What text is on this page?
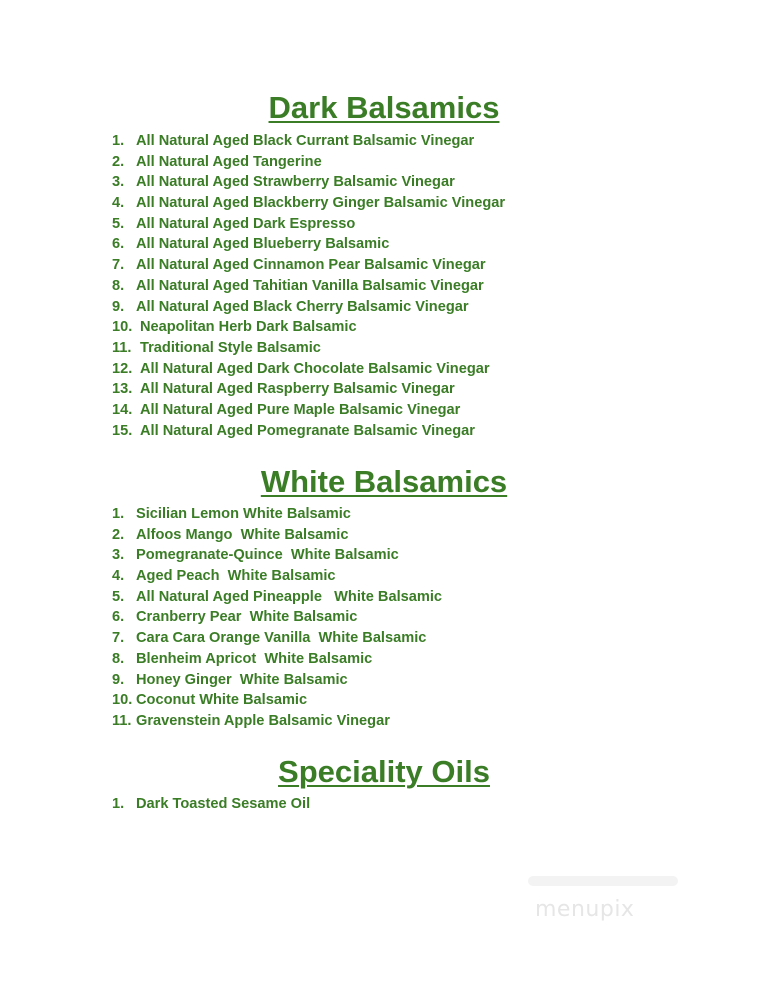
Dark Balsamics
1. All Natural Aged Black Currant Balsamic Vinegar
2. All Natural Aged Tangerine
3. All Natural Aged Strawberry Balsamic Vinegar
4. All Natural Aged Blackberry Ginger Balsamic Vinegar
5. All Natural Aged Dark Espresso
6. All Natural Aged Blueberry Balsamic
7. All Natural Aged Cinnamon Pear Balsamic Vinegar
8. All Natural Aged Tahitian Vanilla Balsamic Vinegar
9. All Natural Aged Black Cherry Balsamic Vinegar
10. Neapolitan Herb Dark Balsamic
11. Traditional Style Balsamic
12. All Natural Aged Dark Chocolate Balsamic Vinegar
13. All Natural Aged Raspberry Balsamic Vinegar
14. All Natural Aged Pure Maple Balsamic Vinegar
15. All Natural Aged Pomegranate Balsamic Vinegar
White Balsamics
1. Sicilian Lemon White Balsamic
2. Alfoos Mango  White Balsamic
3. Pomegranate-Quince  White Balsamic
4. Aged Peach  White Balsamic
5. All Natural Aged Pineapple   White Balsamic
6. Cranberry Pear  White Balsamic
7. Cara Cara Orange Vanilla  White Balsamic
8. Blenheim Apricot  White Balsamic
9. Honey Ginger  White Balsamic
10. Coconut White Balsamic
11. Gravenstein Apple Balsamic Vinegar
Speciality Oils
1. Dark Toasted Sesame Oil
menupix
